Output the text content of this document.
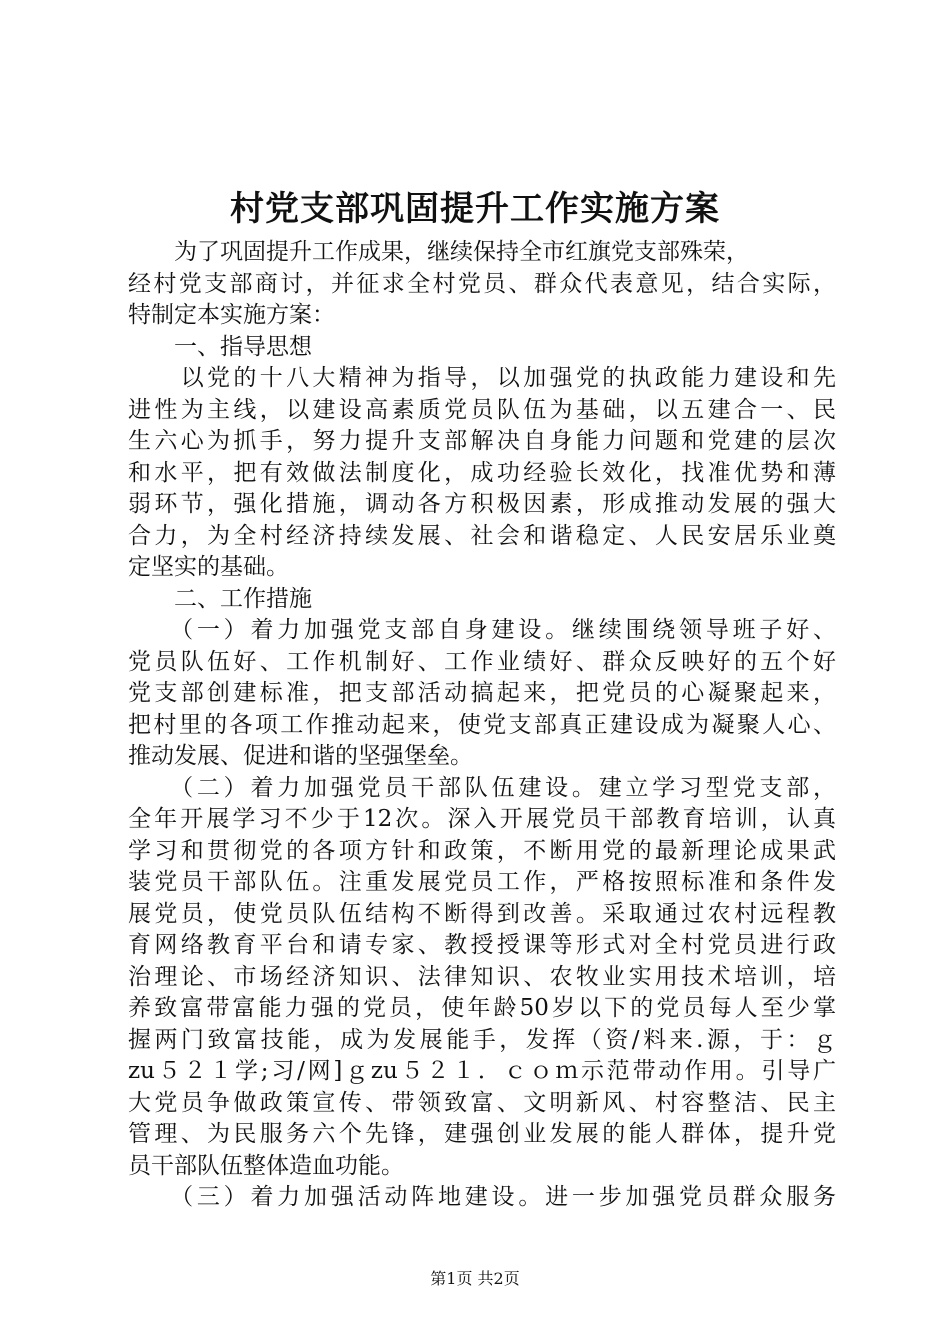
村党支部巩固提升工作实施方案
　　为了巩固提升工作成果，继续保持全市红旗党支部殊荣，
经村党支部商讨，并征求全村党员、群众代表意见，结合实际，
特制定本实施方案：
　　一、指导思想
　　以党的十八大精神为指导，以加强党的执政能力建设和先
进性为主线，以建设高素质党员队伍为基础，以五建合一、民
生六心为抓手，努力提升支部解决自身能力问题和党建的层次
和水平，把有效做法制度化，成功经验长效化，找准优势和薄
弱环节，强化措施，调动各方积极因素，形成推动发展的强大
合力，为全村经济持续发展、社会和谐稳定、人民安居乐业奠
定坚实的基础。
　　二、工作措施
　　（一）着力加强党支部自身建设。继续围绕领导班子好、
党员队伍好、工作机制好、工作业绩好、群众反映好的五个好
党支部创建标准，把支部活动搞起来，把党员的心凝聚起来，
把村里的各项工作推动起来，使党支部真正建设成为凝聚人心、
推动发展、促进和谐的坚强堡垒。
　　（二）着力加强党员干部队伍建设。建立学习型党支部，
全年开展学习不少于12次。深入开展党员干部教育培训，认真
学习和贯彻党的各项方针和政策，不断用党的最新理论成果武
装党员干部队伍。注重发展党员工作，严格按照标准和条件发
展党员，使党员队伍结构不断得到改善。采取通过农村远程教
育网络教育平台和请专家、教授授课等形式对全村党员进行政
治理论、市场经济知识、法律知识、农牧业实用技术培训，培
养致富带富能力强的党员，使年龄50岁以下的党员每人至少掌
握两门致富技能，成为发展能手，发挥（资/料来.源，于：ｇ
zu５２１学;习/网]ｇzu５２１．ｃｏｍ示范带动作用。引导广
大党员争做政策宣传、带领致富、文明新风、村容整洁、民主
管理、为民服务六个先锋，建强创业发展的能人群体，提升党
员干部队伍整体造血功能。
　　（三）着力加强活动阵地建设。进一步加强党员群众服务
第1页 共2页
